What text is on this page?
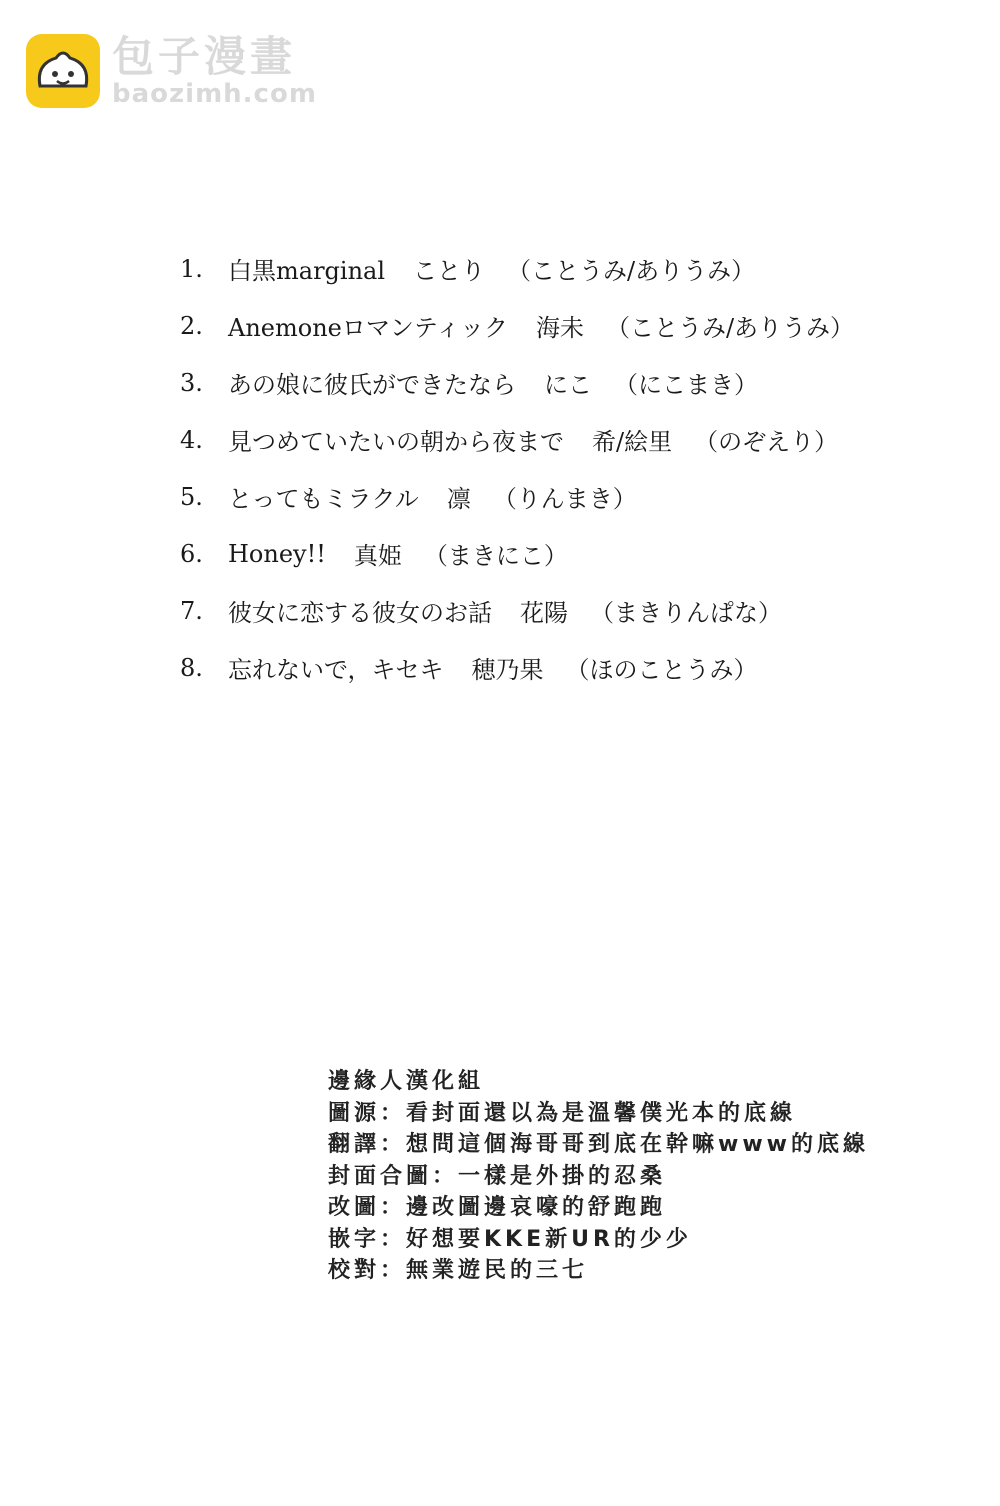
包子漫畫
baozimh.com
1.	白黒marginal ことり （ことうみ/ありうみ）
2.	Anemoneロマンティック 海未 （ことうみ/ありうみ）
3.	あの娘に彼氏ができたなら にこ （にこまき）
4.	見つめていたいの朝から夜まで 希/絵里 （のぞえり）
5.	とってもミラクル 凛 （りんまき）
6.	Honey!! 真姫 （まきにこ）
7.	彼女に恋する彼女のお話 花陽 （まきりんぱな）
8.	忘れないで，キセキ 穂乃果 （ほのことうみ）
邊緣人漢化組
圖源：看封面還以為是溫馨僕光本的底線
翻譯：想問這個海哥哥到底在幹嘛www的底線
封面合圖：一樣是外掛的忍桑
改圖：邊改圖邊哀嚎的舒跑跑
嵌字：好想要KKE新UR的少少
校對：無業遊民的三七
